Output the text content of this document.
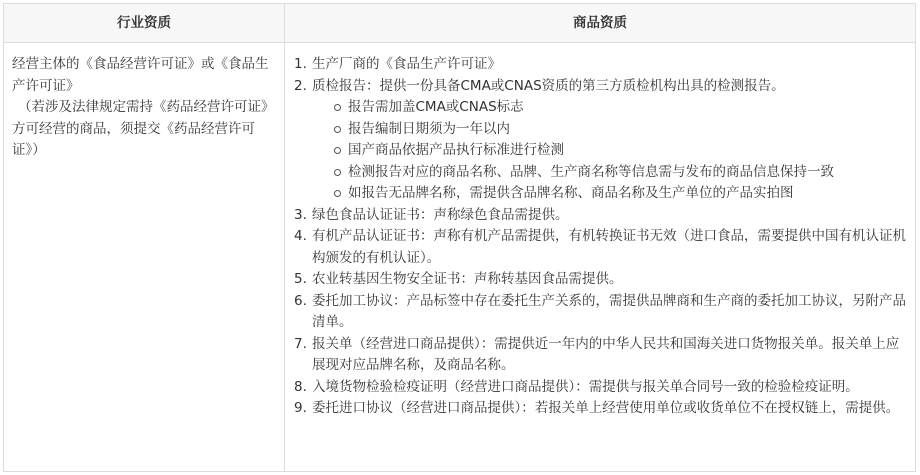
行业资质	商品资质

经营主体的《食品经营许可证》或《食品生产许可证》

（若涉及法律规定需持《药品经营许可证》方可经营的商品，须提交《药品经营许可证》）

1. 生产厂商的《食品生产许可证》
2. 质检报告：提供一份具备CMA或CNAS资质的第三方质检机构出具的检测报告。
报告需加盖CMA或CNAS标志
报告编制日期须为一年以内
国产商品依据产品执行标准进行检测
检测报告对应的商品名称、品牌、生产商名称等信息需与发布的商品信息保持一致
如报告无品牌名称，需提供含品牌名称、商品名称及生产单位的产品实拍图
3. 绿色食品认证证书：声称绿色食品需提供。
4. 有机产品认证证书：声称有机产品需提供，有机转换证书无效（进口食品，需要提供中国有机认证机构颁发的有机认证）。
5. 农业转基因生物安全证书：声称转基因食品需提供。
6. 委托加工协议：产品标签中存在委托生产关系的，需提供品牌商和生产商的委托加工协议，另附产品清单。
7. 报关单（经营进口商品提供）：需提供近一年内的中华人民共和国海关进口货物报关单。报关单上应展现对应品牌名称，及商品名称。
8. 入境货物检验检疫证明（经营进口商品提供）：需提供与报关单合同号一致的检验检疫证明。
9. 委托进口协议（经营进口商品提供）：若报关单上经营使用单位或收货单位不在授权链上，需提供。
